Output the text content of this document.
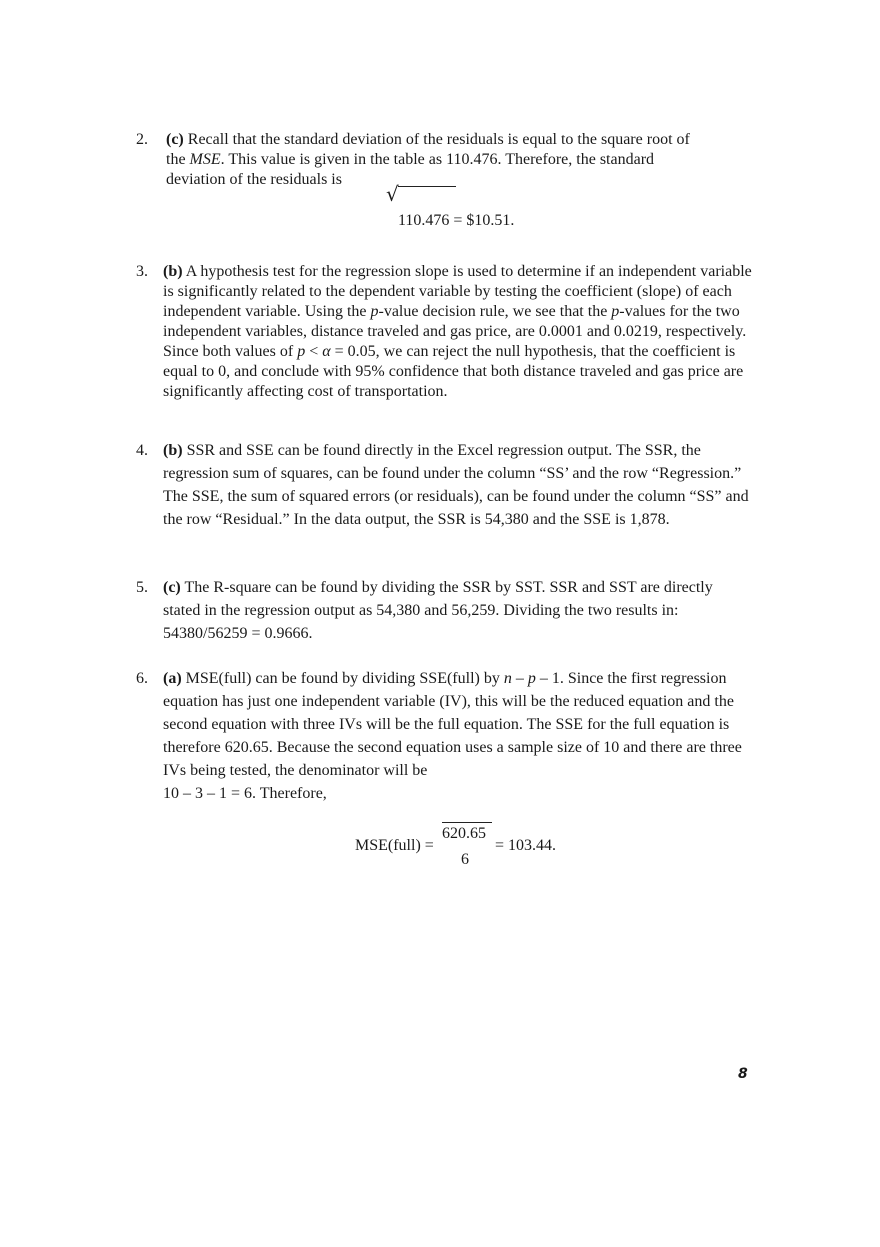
2. (c) Recall that the standard deviation of the residuals is equal to the square root of
the MSE. This value is given in the table as 110.476. Therefore, the standard
deviation of the residuals is
√
110.476 = $10.51.
3. (b) A hypothesis test for the regression slope is used to determine if an independent variable is significantly related to the dependent variable by testing the coefficient (slope) of each independent variable. Using the p-value decision rule, we see that the p-values for the two independent variables, distance traveled and gas price, are 0.0001 and 0.0219, respectively. Since both values of p < α = 0.05, we can reject the null hypothesis, that the coefficient is equal to 0, and conclude with 95% confidence that both distance traveled and gas price are significantly affecting cost of transportation.
4. (b) SSR and SSE can be found directly in the Excel regression output. The SSR, the regression sum of squares, can be found under the column “SS’ and the row “Regression.” The SSE, the sum of squared errors (or residuals), can be found under the column “SS” and the row “Residual.” In the data output, the SSR is 54,380 and the SSE is 1,878.
5. (c) The R-square can be found by dividing the SSR by SST. SSR and SST are directly stated in the regression output as 54,380 and 56,259. Dividing the two results in: 54380/56259 = 0.9666.
6. (a) MSE(full) can be found by dividing SSE(full) by n – p – 1. Since the first regression equation has just one independent variable (IV), this will be the reduced equation and the second equation with three IVs will be the full equation. The SSE for the full equation is therefore 620.65. Because the second equation uses a sample size of 10 and there are three IVs being tested, the denominator will be
10 – 3 – 1 = 6. Therefore,
MSE(full) =
620.65
6
= 103.44.
8
